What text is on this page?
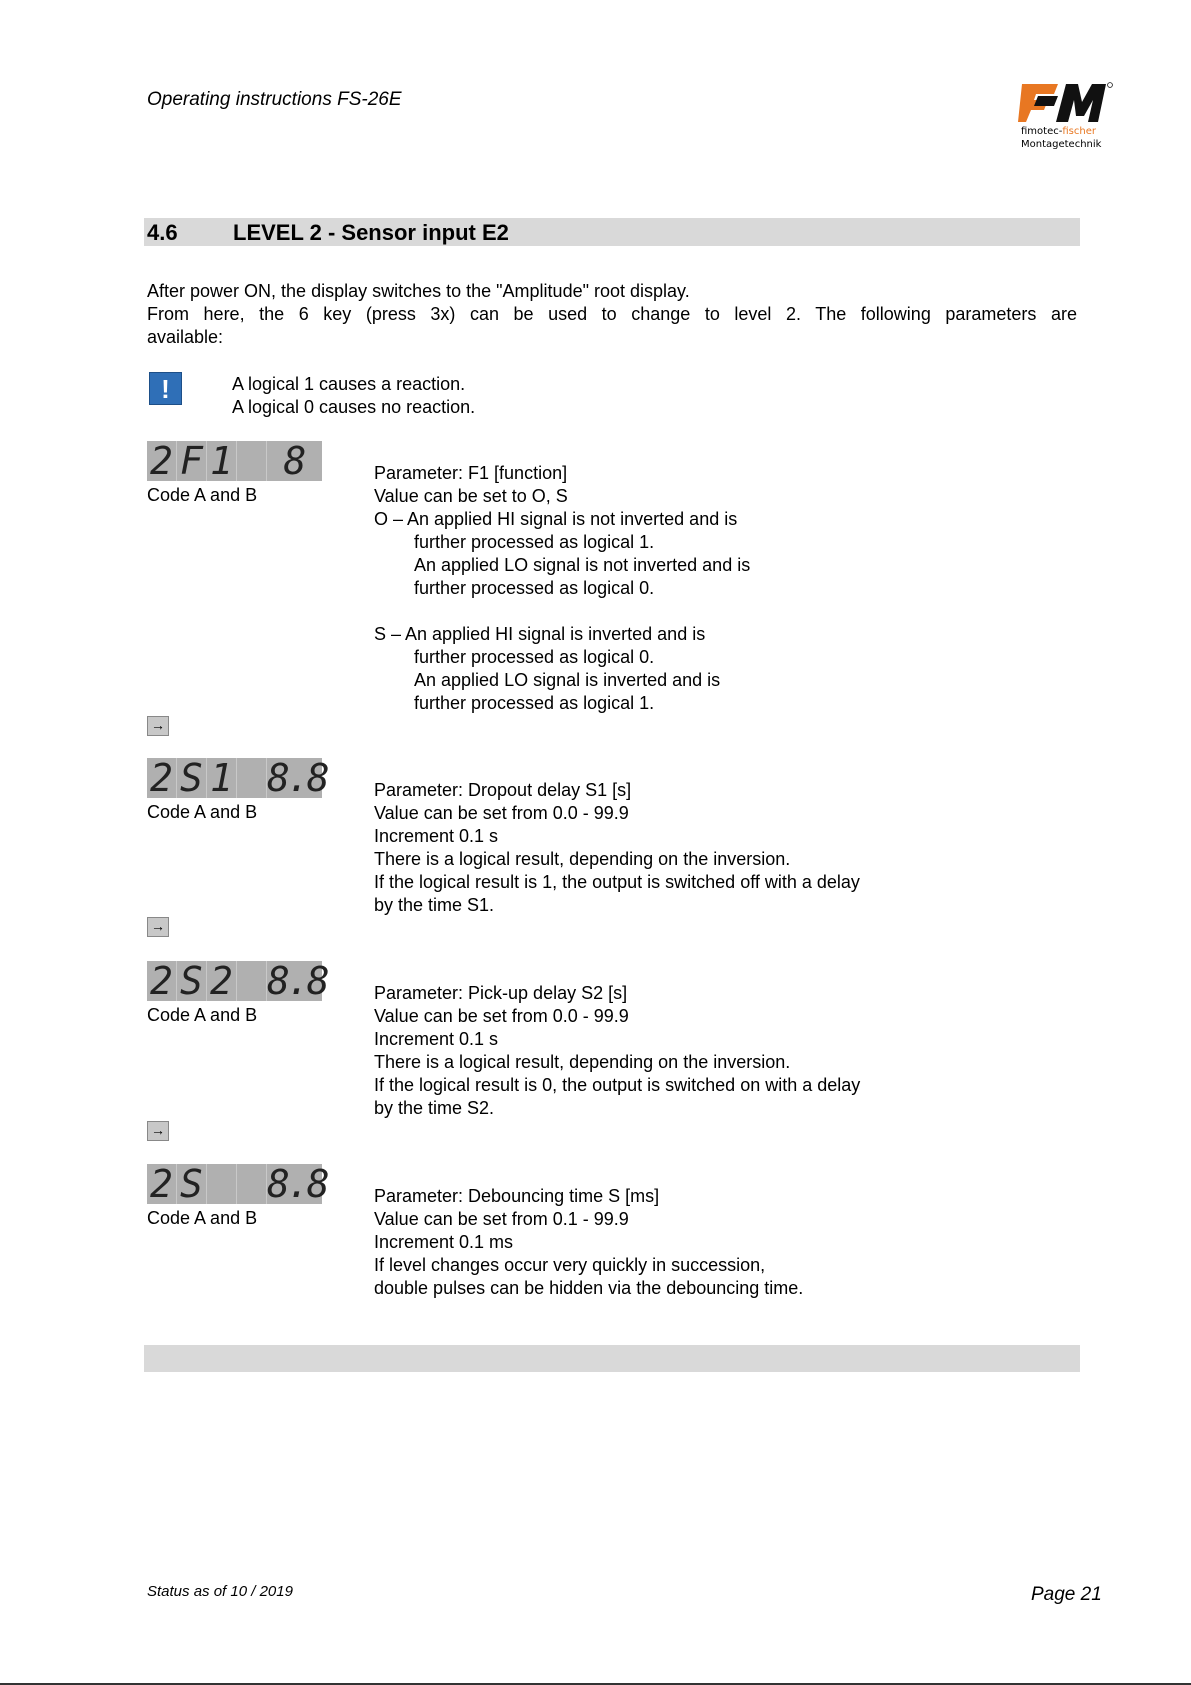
Operating instructions FS-26E
fimotec-fischer
Montagetechnik
4.6	LEVEL 2 - Sensor input E2
After power ON, the display switches to the "Amplitude" root display.
From here, the 6 key (press 3x) can be used to change to level 2. The following parameters are
available:
!	A logical 1 causes a reaction.
A logical 0 causes no reaction.
2 F 1	8
Code A and B
Parameter: F1 [function]
Value can be set to O, S
O – An applied HI signal is not inverted and is
further processed as logical 1.
An applied LO signal is not inverted and is
further processed as logical 0.
S – An applied HI signal is inverted and is
further processed as logical 0.
An applied LO signal is inverted and is
further processed as logical 1.
→
2 S 1 8.8
Code A and B
Parameter: Dropout delay S1 [s]
Value can be set from 0.0 - 99.9
Increment 0.1 s
There is a logical result, depending on the inversion.
If the logical result is 1, the output is switched off with a delay
by the time S1.
→
2 S 2 8.8
Code A and B
Parameter: Pick-up delay S2 [s]
Value can be set from 0.0 - 99.9
Increment 0.1 s
There is a logical result, depending on the inversion.
If the logical result is 0, the output is switched on with a delay
by the time S2.
→
2 S 8.8
Code A and B
Parameter: Debouncing time S [ms]
Value can be set from 0.1 - 99.9
Increment 0.1 ms
If level changes occur very quickly in succession,
double pulses can be hidden via the debouncing time.
Status as of 10 / 2019	Page 21
